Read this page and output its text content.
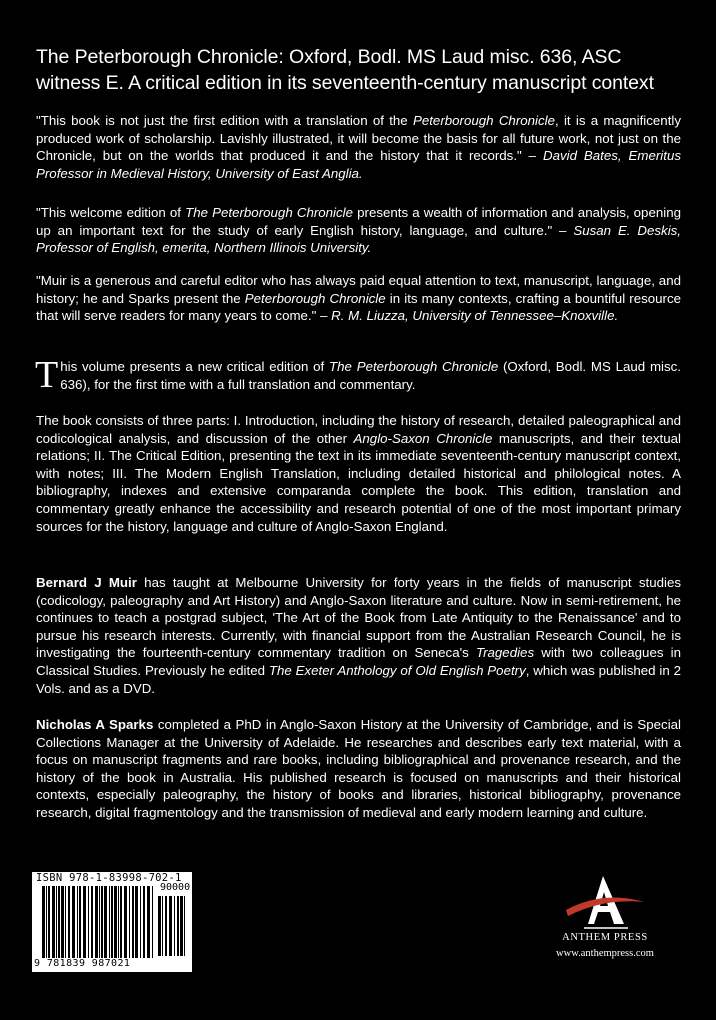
The Peterborough Chronicle: Oxford, Bodl. MS Laud misc. 636, ASC witness E. A critical edition in its seventeenth-century manuscript context
"This book is not just the first edition with a translation of the Peterborough Chronicle, it is a magnificently produced work of scholarship. Lavishly illustrated, it will become the basis for all future work, not just on the Chronicle, but on the worlds that produced it and the history that it records." – David Bates, Emeritus Professor in Medieval History, University of East Anglia.
"This welcome edition of The Peterborough Chronicle presents a wealth of information and analysis, opening up an important text for the study of early English history, language, and culture." – Susan E. Deskis, Professor of English, emerita, Northern Illinois University.
"Muir is a generous and careful editor who has always paid equal attention to text, manuscript, language, and history; he and Sparks present the Peterborough Chronicle in its many contexts, crafting a bountiful resource that will serve readers for many years to come." – R. M. Liuzza, University of Tennessee–Knoxville.
This volume presents a new critical edition of The Peterborough Chronicle (Oxford, Bodl. MS Laud misc. 636), for the first time with a full translation and commentary.
The book consists of three parts: I. Introduction, including the history of research, detailed paleographical and codicological analysis, and discussion of the other Anglo-Saxon Chronicle manuscripts, and their textual relations; II. The Critical Edition, presenting the text in its immediate seventeenth-century manuscript context, with notes; III. The Modern English Translation, including detailed historical and philological notes. A bibliography, indexes and extensive comparanda complete the book. This edition, translation and commentary greatly enhance the accessibility and research potential of one of the most important primary sources for the history, language and culture of Anglo-Saxon England.
Bernard J Muir has taught at Melbourne University for forty years in the fields of manuscript studies (codicology, paleography and Art History) and Anglo-Saxon literature and culture. Now in semi-retirement, he continues to teach a postgrad subject, 'The Art of the Book from Late Antiquity to the Renaissance' and to pursue his research interests. Currently, with financial support from the Australian Research Council, he is investigating the fourteenth-century commentary tradition on Seneca's Tragedies with two colleagues in Classical Studies. Previously he edited The Exeter Anthology of Old English Poetry, which was published in 2 Vols. and as a DVD.
Nicholas A Sparks completed a PhD in Anglo-Saxon History at the University of Cambridge, and is Special Collections Manager at the University of Adelaide. He researches and describes early text material, with a focus on manuscript fragments and rare books, including bibliographical and provenance research, and the history of the book in Australia. His published research is focused on manuscripts and their historical contexts, especially paleography, the history of books and libraries, historical bibliography, provenance research, digital fragmentology and the transmission of medieval and early modern learning and culture.
ISBN 978-1-83998-702-1
90000
9 781839 987021
ANTHEM PRESS
www.anthempress.com
